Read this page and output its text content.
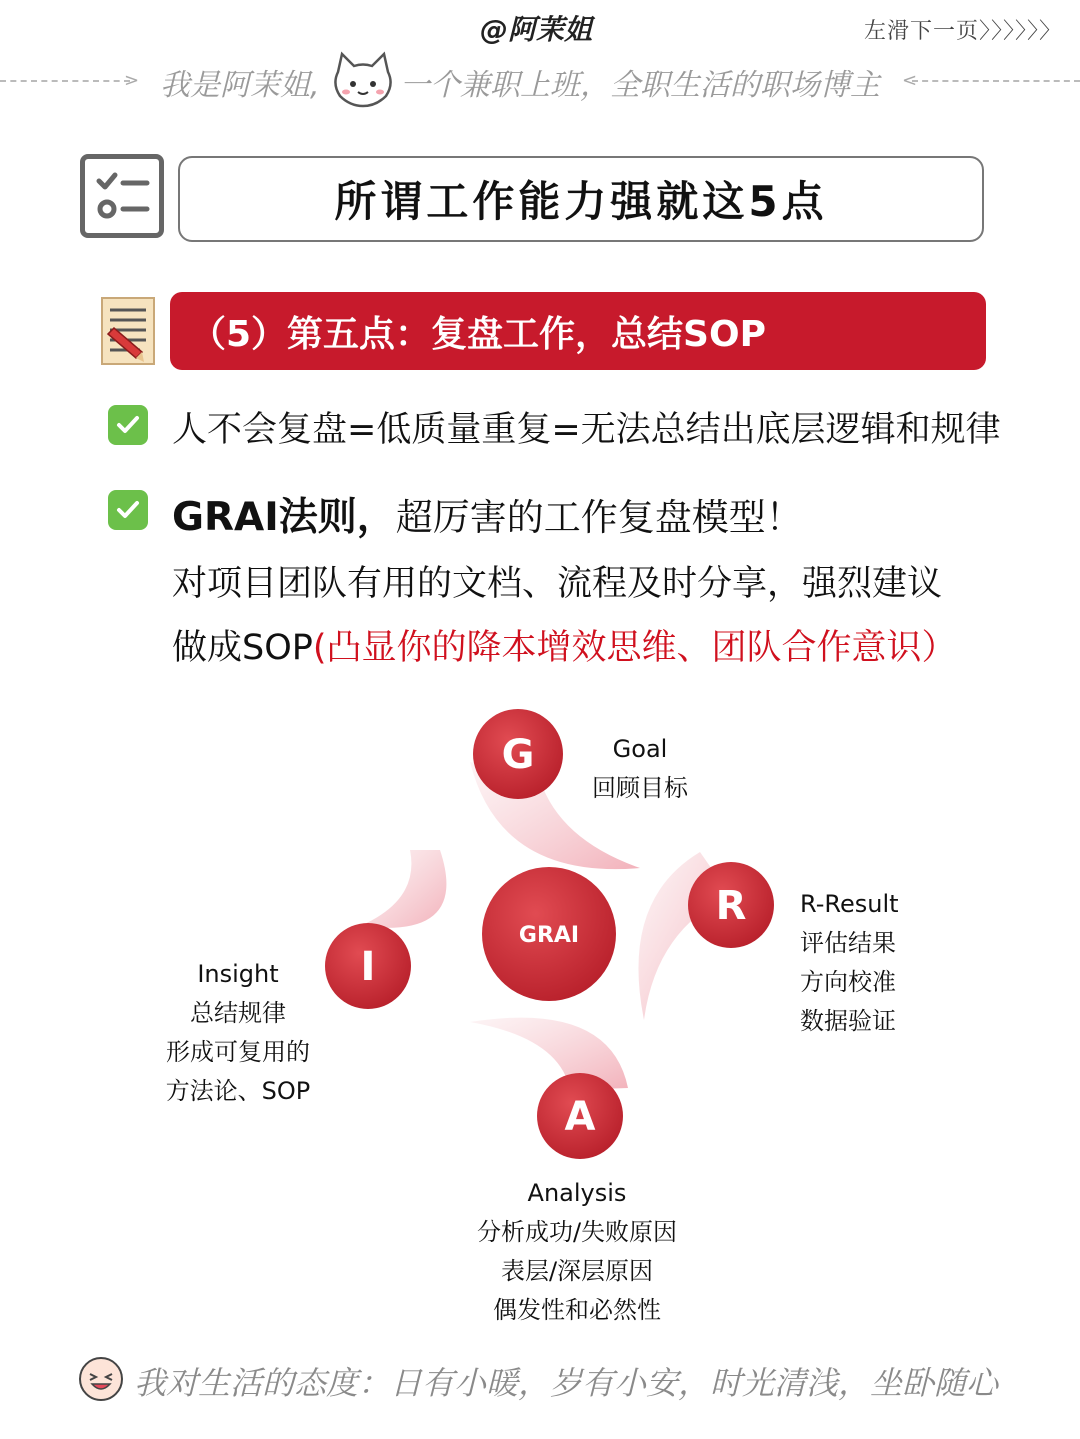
@阿茉姐	左滑下一页〉〉〉〉〉〉
> 我是阿茉姐,	一个兼职上班，全职生活的职场博主 <
所谓工作能力强就这5点
（5）第五点：复盘工作，总结SOP
人不会复盘=低质量重复=无法总结出底层逻辑和规律
GRAI法则，超厉害的工作复盘模型！
对项目团队有用的文档、流程及时分享，强烈建议
做成SOP(凸显你的降本增效思维、团队合作意识）
GRAI
G
R
A
I
Goal
回顾目标
R-Result
评估结果
方向校准
数据验证
Analysis
分析成功/失败原因
表层/深层原因
偶发性和必然性
Insight
总结规律
形成可复用的
方法论、SOP
我对生活的态度：日有小暖，岁有小安，时光清浅，坐卧随心
